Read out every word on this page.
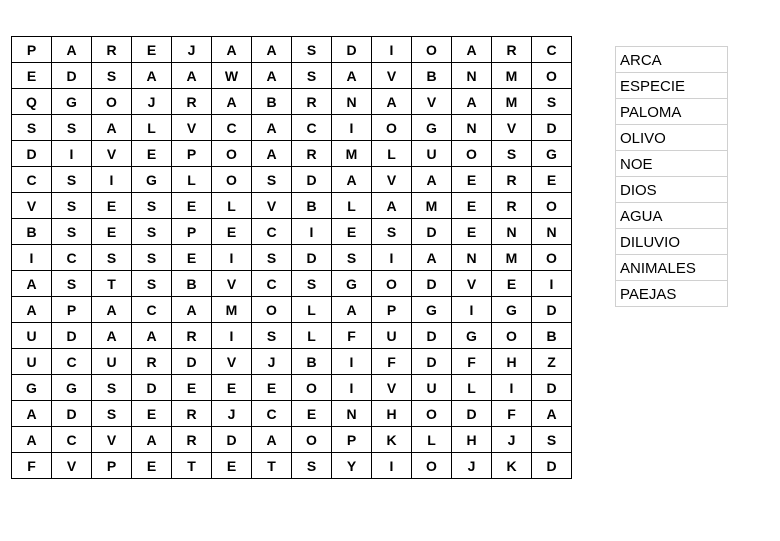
P	A	R	E	J	A	A	S	D	I	O	A	R	C
E	D	S	A	A	W	A	S	A	V	B	N	M	O
Q	G	O	J	R	A	B	R	N	A	V	A	M	S
S	S	A	L	V	C	A	C	I	O	G	N	V	D
D	I	V	E	P	O	A	R	M	L	U	O	S	G
C	S	I	G	L	O	S	D	A	V	A	E	R	E
V	S	E	S	E	L	V	B	L	A	M	E	R	O
B	S	E	S	P	E	C	I	E	S	D	E	N	N
I	C	S	S	E	I	S	D	S	I	A	N	M	O
A	S	T	S	B	V	C	S	G	O	D	V	E	I
A	P	A	C	A	M	O	L	A	P	G	I	G	D
U	D	A	A	R	I	S	L	F	U	D	G	O	B
U	C	U	R	D	V	J	B	I	F	D	F	H	Z
G	G	S	D	E	E	E	O	I	V	U	L	I	D
A	D	S	E	R	J	C	E	N	H	O	D	F	A
A	C	V	A	R	D	A	O	P	K	L	H	J	S
F	V	P	E	T	E	T	S	Y	I	O	J	K	D
ARCA
ESPECIE
PALOMA
OLIVO
NOE
DIOS
AGUA
DILUVIO
ANIMALES
PAEJAS
